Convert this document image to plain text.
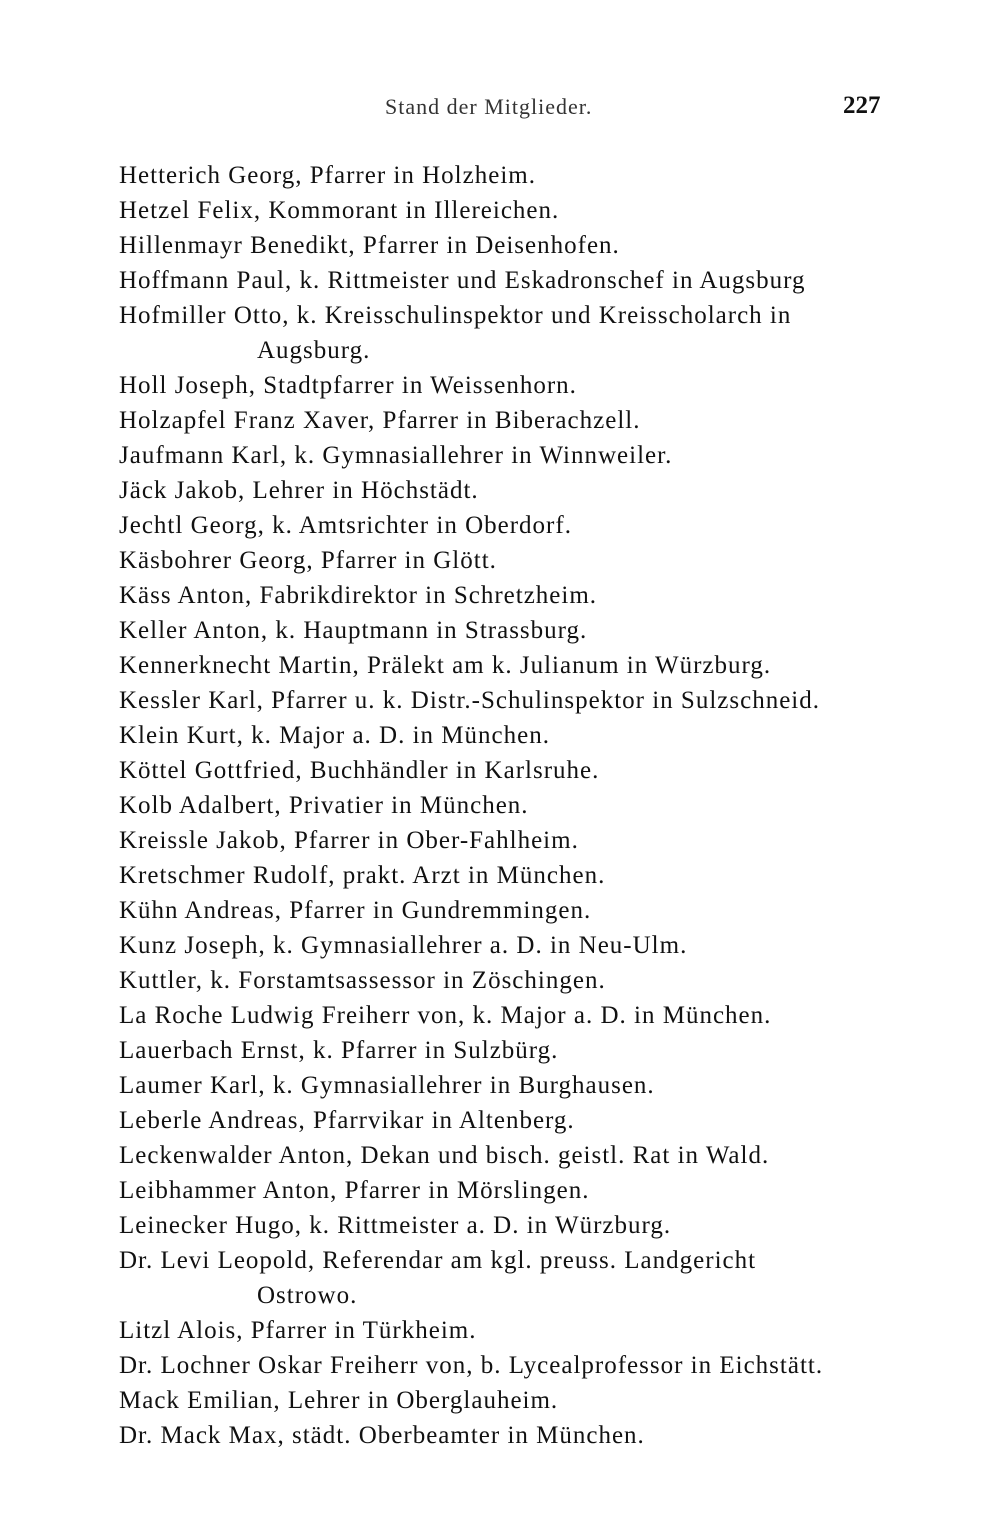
Stand der Mitglieder.	227
Hetterich Georg, Pfarrer in Holzheim.
Hetzel Felix, Kommorant in Illereichen.
Hillenmayr Benedikt, Pfarrer in Deisenhofen.
Hoffmann Paul, k. Rittmeister und Eskadronschef in Augsburg
Hofmiller Otto, k. Kreisschulinspektor und Kreisscholarch in
Augsburg.
Holl Joseph, Stadtpfarrer in Weissenhorn.
Holzapfel Franz Xaver, Pfarrer in Biberachzell.
Jaufmann Karl, k. Gymnasiallehrer in Winnweiler.
Jäck Jakob, Lehrer in Höchstädt.
Jechtl Georg, k. Amtsrichter in Oberdorf.
Käsbohrer Georg, Pfarrer in Glött.
Käss Anton, Fabrikdirektor in Schretzheim.
Keller Anton, k. Hauptmann in Strassburg.
Kennerknecht Martin, Prälekt am k. Julianum in Würzburg.
Kessler Karl, Pfarrer u. k. Distr.-Schulinspektor in Sulzschneid.
Klein Kurt, k. Major a. D. in München.
Köttel Gottfried, Buchhändler in Karlsruhe.
Kolb Adalbert, Privatier in München.
Kreissle Jakob, Pfarrer in Ober-Fahlheim.
Kretschmer Rudolf, prakt. Arzt in München.
Kühn Andreas, Pfarrer in Gundremmingen.
Kunz Joseph, k. Gymnasiallehrer a. D. in Neu-Ulm.
Kuttler, k. Forstamtsassessor in Zöschingen.
La Roche Ludwig Freiherr von, k. Major a. D. in München.
Lauerbach Ernst, k. Pfarrer in Sulzbürg.
Laumer Karl, k. Gymnasiallehrer in Burghausen.
Leberle Andreas, Pfarrvikar in Altenberg.
Leckenwalder Anton, Dekan und bisch. geistl. Rat in Wald.
Leibhammer Anton, Pfarrer in Mörslingen.
Leinecker Hugo, k. Rittmeister a. D. in Würzburg.
Dr. Levi Leopold, Referendar am kgl. preuss. Landgericht
Ostrowo.
Litzl Alois, Pfarrer in Türkheim.
Dr. Lochner Oskar Freiherr von, b. Lycealprofessor in Eichstätt.
Mack Emilian, Lehrer in Oberglauheim.
Dr. Mack Max, städt. Oberbeamter in München.
